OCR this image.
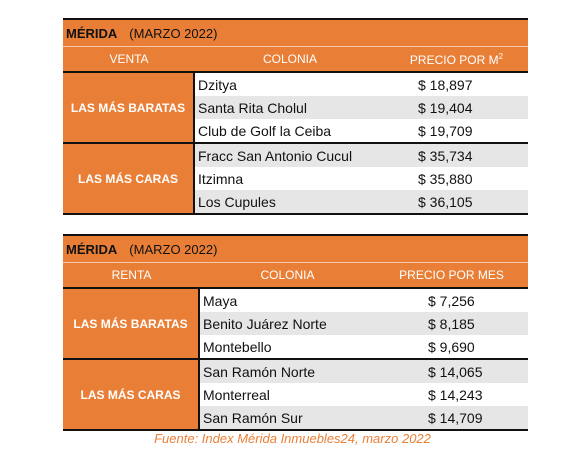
MÉRIDA (MARZO 2022)
VENTA	COLONIA	PRECIO POR $M^2$
LAS MÁS BARATAS
Dzitya	$ 18,897
Santa Rita Cholul	$ 19,404
Club de Golf la Ceiba	$ 19,709
LAS MÁS CARAS
Fracc San Antonio Cucul	$ 35,734
Itzimna	$ 35,880
Los Cupules	$ 36,105
MÉRIDA (MARZO 2022)
RENTA	COLONIA	PRECIO POR MES
LAS MÁS BARATAS
Maya	$ 7,256
Benito Juárez Norte	$ 8,185
Montebello	$ 9,690
LAS MÁS CARAS
San Ramón Norte	$ 14,065
Monterreal	$ 14,243
San Ramón Sur	$ 14,709
Fuente: Index Mérida Inmuebles24, marzo 2022
